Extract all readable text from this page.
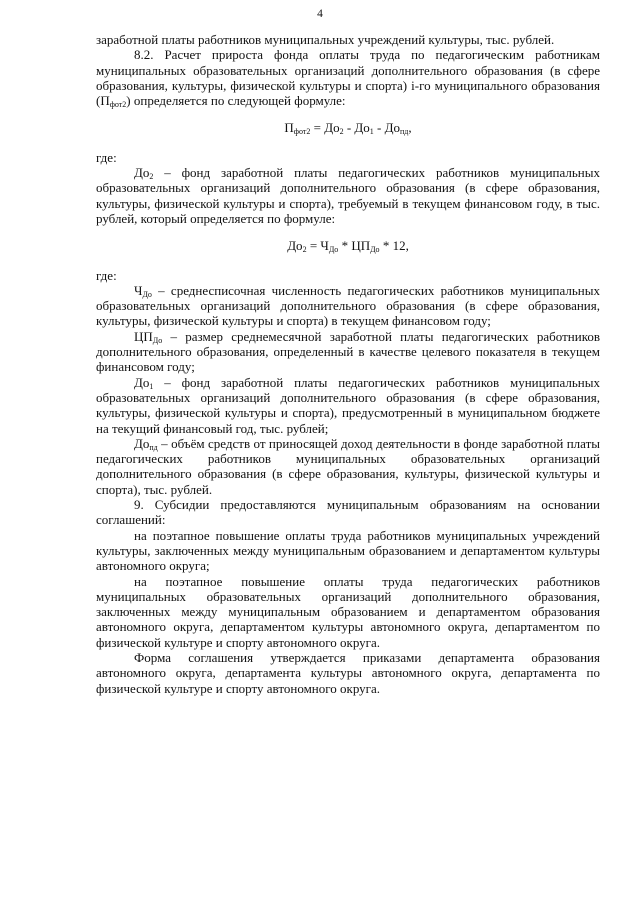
4

заработной платы работников муниципальных учреждений культуры, тыс. рублей.

8.2. Расчет прироста фонда оплаты труда по педагогическим работникам муниципальных образовательных организаций дополнительного образования (в сфере образования, культуры, физической культуры и спорта) i-го муниципального образования $(П_{фот2})$ определяется по следующей формуле:

$П_{фот2} = До_2 - До_1 - До_{пд}$,

где:

$До_2$ – фонд заработной платы педагогических работников муниципальных образовательных организаций дополнительного образования (в сфере образования, культуры, физической культуры и спорта), требуемый в текущем финансовом году, в тыс. рублей, который определяется по формуле:

$До_2 = Ч_{До} * ЦП_{До} * 12$,

где:

$Ч_{До}$ – среднесписочная численность педагогических работников муниципальных образовательных организаций дополнительного образования (в сфере образования, культуры, физической культуры и спорта) в текущем финансовом году;

$ЦП_{До}$ – размер среднемесячной заработной платы педагогических работников дополнительного образования, определенный в качестве целевого показателя в текущем финансовом году;

$До_1$ – фонд заработной платы педагогических работников муниципальных образовательных организаций дополнительного образования (в сфере образования, культуры, физической культуры и спорта), предусмотренный в муниципальном бюджете на текущий финансовый год, тыс. рублей;

$До_{пд}$ – объём средств от приносящей доход деятельности в фонде заработной платы педагогических работников муниципальных образовательных организаций дополнительного образования (в сфере образования, культуры, физической культуры и спорта), тыс. рублей.

9. Субсидии предоставляются муниципальным образованиям на основании соглашений:

на поэтапное повышение оплаты труда работников муниципальных учреждений культуры, заключенных между муниципальным образованием и департаментом культуры автономного округа;

на поэтапное повышение оплаты труда педагогических работников муниципальных образовательных организаций дополнительного образования, заключенных между муниципальным образованием и департаментом образования автономного округа, департаментом культуры автономного округа, департаментом по физической культуре и спорту автономного округа.

Форма соглашения утверждается приказами департамента образования автономного округа, департамента культуры автономного округа, департамента по физической культуре и спорту автономного округа.
